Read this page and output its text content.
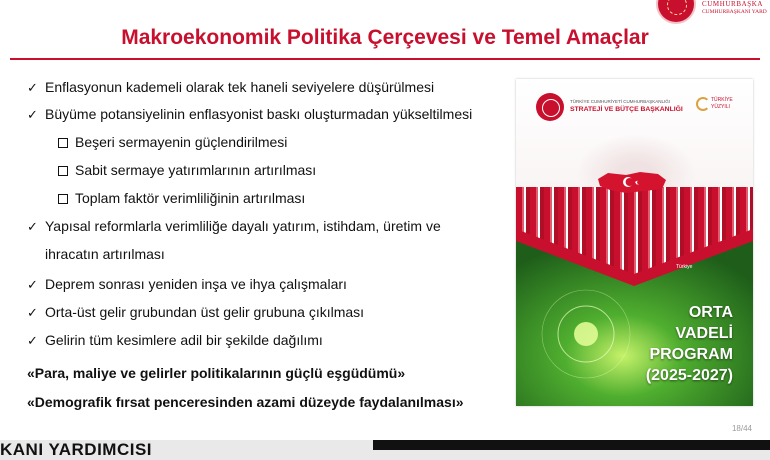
CUMHURBAŞKA
CUMHURBAŞKANI YARD
Makroekonomik Politika Çerçevesi ve Temel Amaçlar
✓ Enflasyonun kademeli olarak tek haneli seviyelere düşürülmesi
✓ Büyüme potansiyelinin enflasyonist baskı oluşturmadan yükseltilmesi
Beşeri sermayenin güçlendirilmesi
Sabit sermaye yatırımlarının artırılması
Toplam faktör verimliliğinin artırılması
✓ Yapısal reformlarla verimliliğe dayalı yatırım, istihdam, üretim ve
ihracatın artırılması
✓ Deprem sonrası yeniden inşa ve ihya çalışmaları
✓ Orta-üst gelir grubundan üst gelir grubuna çıkılması
✓ Gelirin tüm kesimlere adil bir şekilde dağılımı
«Para, maliye ve gelirler politikalarının güçlü eşgüdümü»
«Demografik fırsat penceresinden azami düzeyde faydalanılması»
TÜRKİYE CUMHURİYETİ CUMHURBAŞKANLIĞI
STRATEJİ VE BÜTÇE BAŞKANLIĞI
TÜRKİYE
YÜZYILI
Türkiye
ORTA
VADELİ
PROGRAM
(2025-2027)
18/44
KANI YARDIMCISI
